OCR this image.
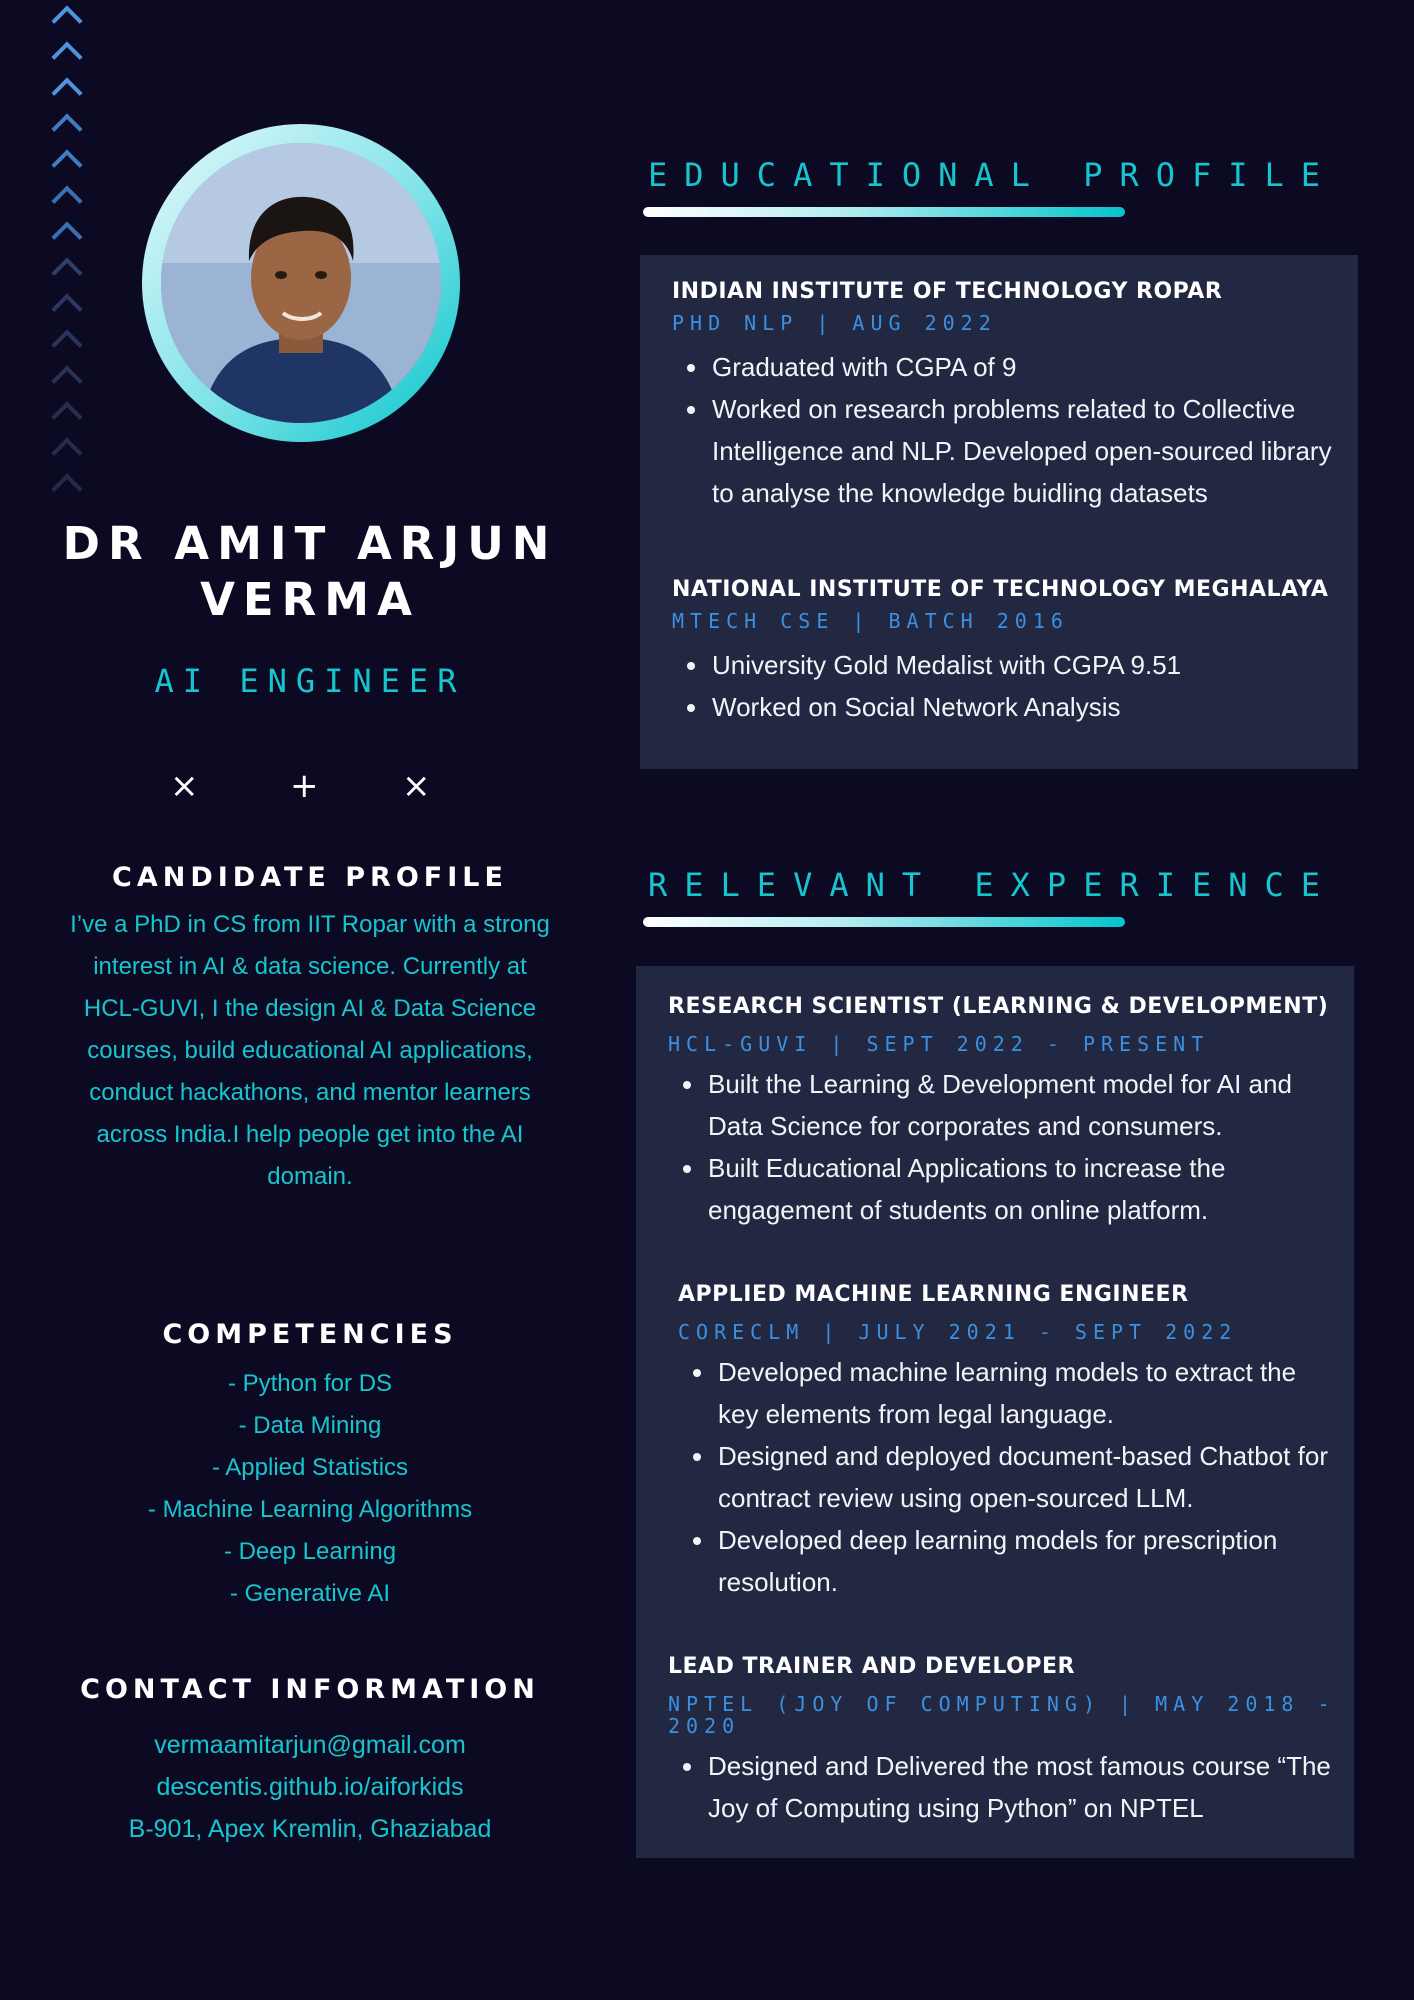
DR AMIT ARJUN
VERMA
AI ENGINEER
×	+ ×
CANDIDATE PROFILE
I’ve a PhD in CS from IIT Ropar with a strong interest in AI & data science. Currently at HCL-GUVI, I the design AI & Data Science courses, build educational AI applications, conduct hackathons, and mentor learners across India.I help people get into the AI domain.
COMPETENCIES
- Python for DS
- Data Mining
- Applied Statistics
- Machine Learning Algorithms
- Deep Learning
- Generative AI
CONTACT INFORMATION
vermaamitarjun@gmail.com
descentis.github.io/aiforkids
B-901, Apex Kremlin, Ghaziabad
EDUCATIONAL PROFILE
INDIAN INSTITUTE OF TECHNOLOGY ROPAR
PHD NLP | AUG 2022
• Graduated with CGPA of 9
• Worked on research problems related to Collective Intelligence and NLP. Developed open-sourced library to analyse the knowledge buidling datasets
NATIONAL INSTITUTE OF TECHNOLOGY MEGHALAYA
MTECH CSE | BATCH 2016
• University Gold Medalist with CGPA 9.51
• Worked on Social Network Analysis
RELEVANT EXPERIENCE
RESEARCH SCIENTIST (LEARNING & DEVELOPMENT)
HCL-GUVI | SEPT 2022 - PRESENT
• Built the Learning & Development model for AI and Data Science for corporates and consumers.
• Built Educational Applications to increase the engagement of students on online platform.
APPLIED MACHINE LEARNING ENGINEER
CORECLM | JULY 2021 - SEPT 2022
• Developed machine learning models to extract the key elements from legal language.
• Designed and deployed document-based Chatbot for contract review using open-sourced LLM.
• Developed deep learning models for prescription resolution.
LEAD TRAINER AND DEVELOPER
NPTEL (JOY OF COMPUTING) | MAY 2018 - 2020
• Designed and Delivered the most famous course “The Joy of Computing using Python” on NPTEL
